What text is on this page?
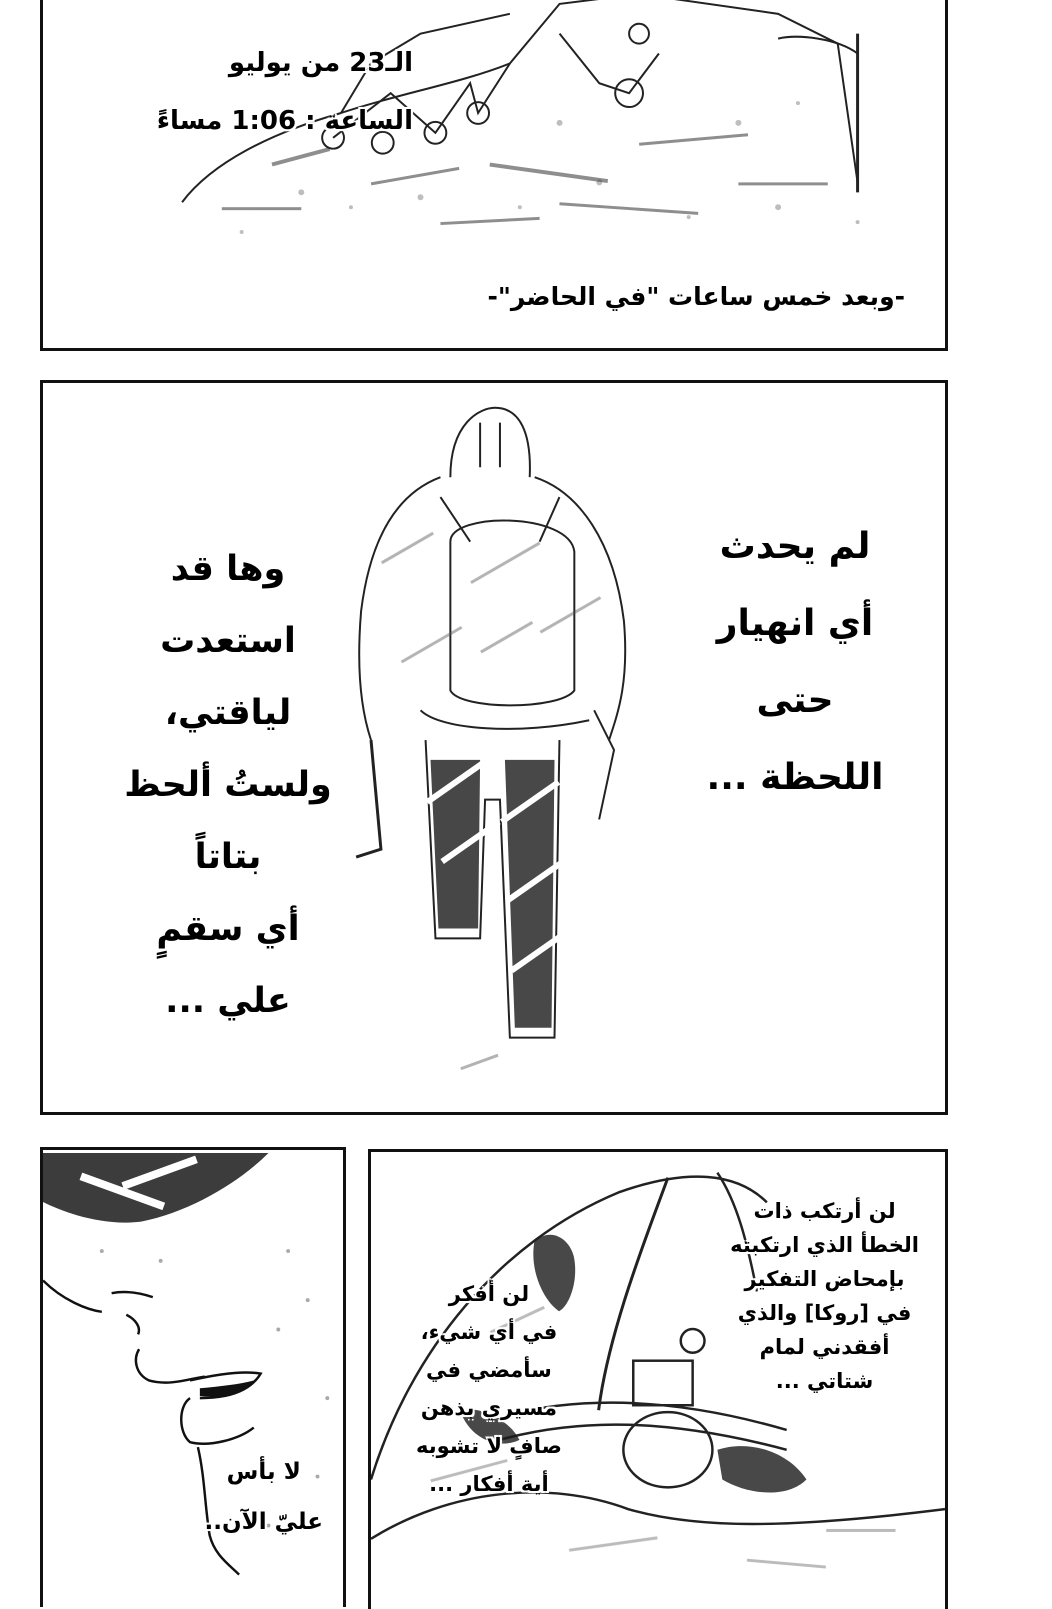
الـ23 من يوليو
الساعة : 1:06 مساءً
-وبعد خمس ساعات "في الحاضر"-
لم يحدث
أي انهيار
حتى
اللحظة ...
وها قد
استعدت
لياقتي،
ولستُ ألحظ
بتاتاً
أي سقمٍ
علي ...
لا بأس
عليّ الآن..
لن أرتكب ذات
الخطأ الذي ارتكبته
بإمحاض التفكير
في [روكا] والذي
أفقدني لمام
شتاتي ...
لن أفكر
في أي شيء،
سأمضي في
مسيري بذهن
صافٍ لا تشوبه
أية أفكار ...
